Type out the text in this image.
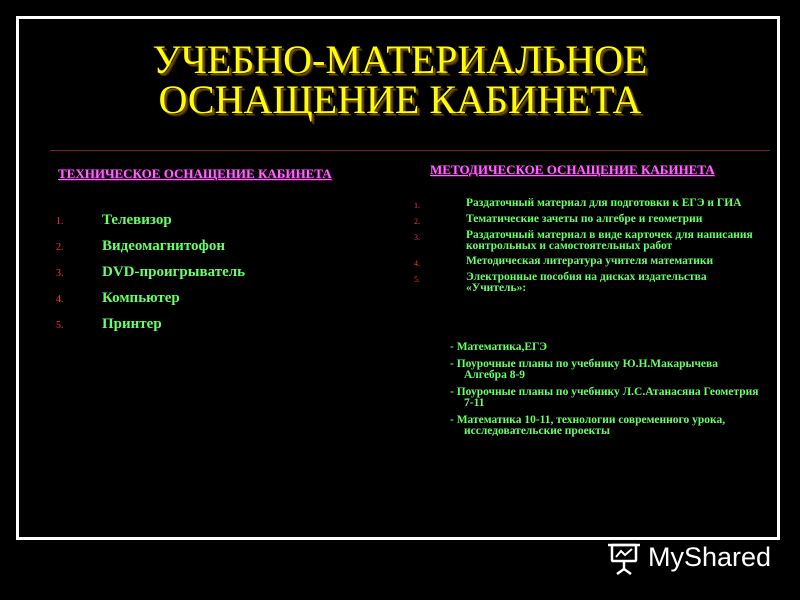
УЧЕБНО-МАТЕРИАЛЬНОЕ
ОСНАЩЕНИЕ КАБИНЕТА
ТЕХНИЧЕСКОЕ ОСНАЩЕНИЕ КАБИНЕТА	МЕТОДИЧЕСКОЕ ОСНАЩЕНИЕ КАБИНЕТА
1.	Телевизор
2.	Видеомагнитофон
3.	DVD-проигрыватель
4.	Компьютер
5.	Принтер
1.	Раздаточный материал для подготовки к ЕГЭ и ГИА
2.	Тематические зачеты по алгебре и геометрии
3.	Раздаточный материал в виде карточек для написания контрольных и самостоятельных работ
4.	Методическая литература учителя математики
5.	Электронные пособия на дисках издательства «Учитель»:
- Математика,ЕГЭ
- Поурочные планы по учебнику Ю.Н.Макарычева Алгебра 8-9
- Поурочные планы по учебнику Л.С.Атанасяна Геометрия 7-11
- Математика 10-11, технологии современного урока, исследовательские проекты
MyShared
